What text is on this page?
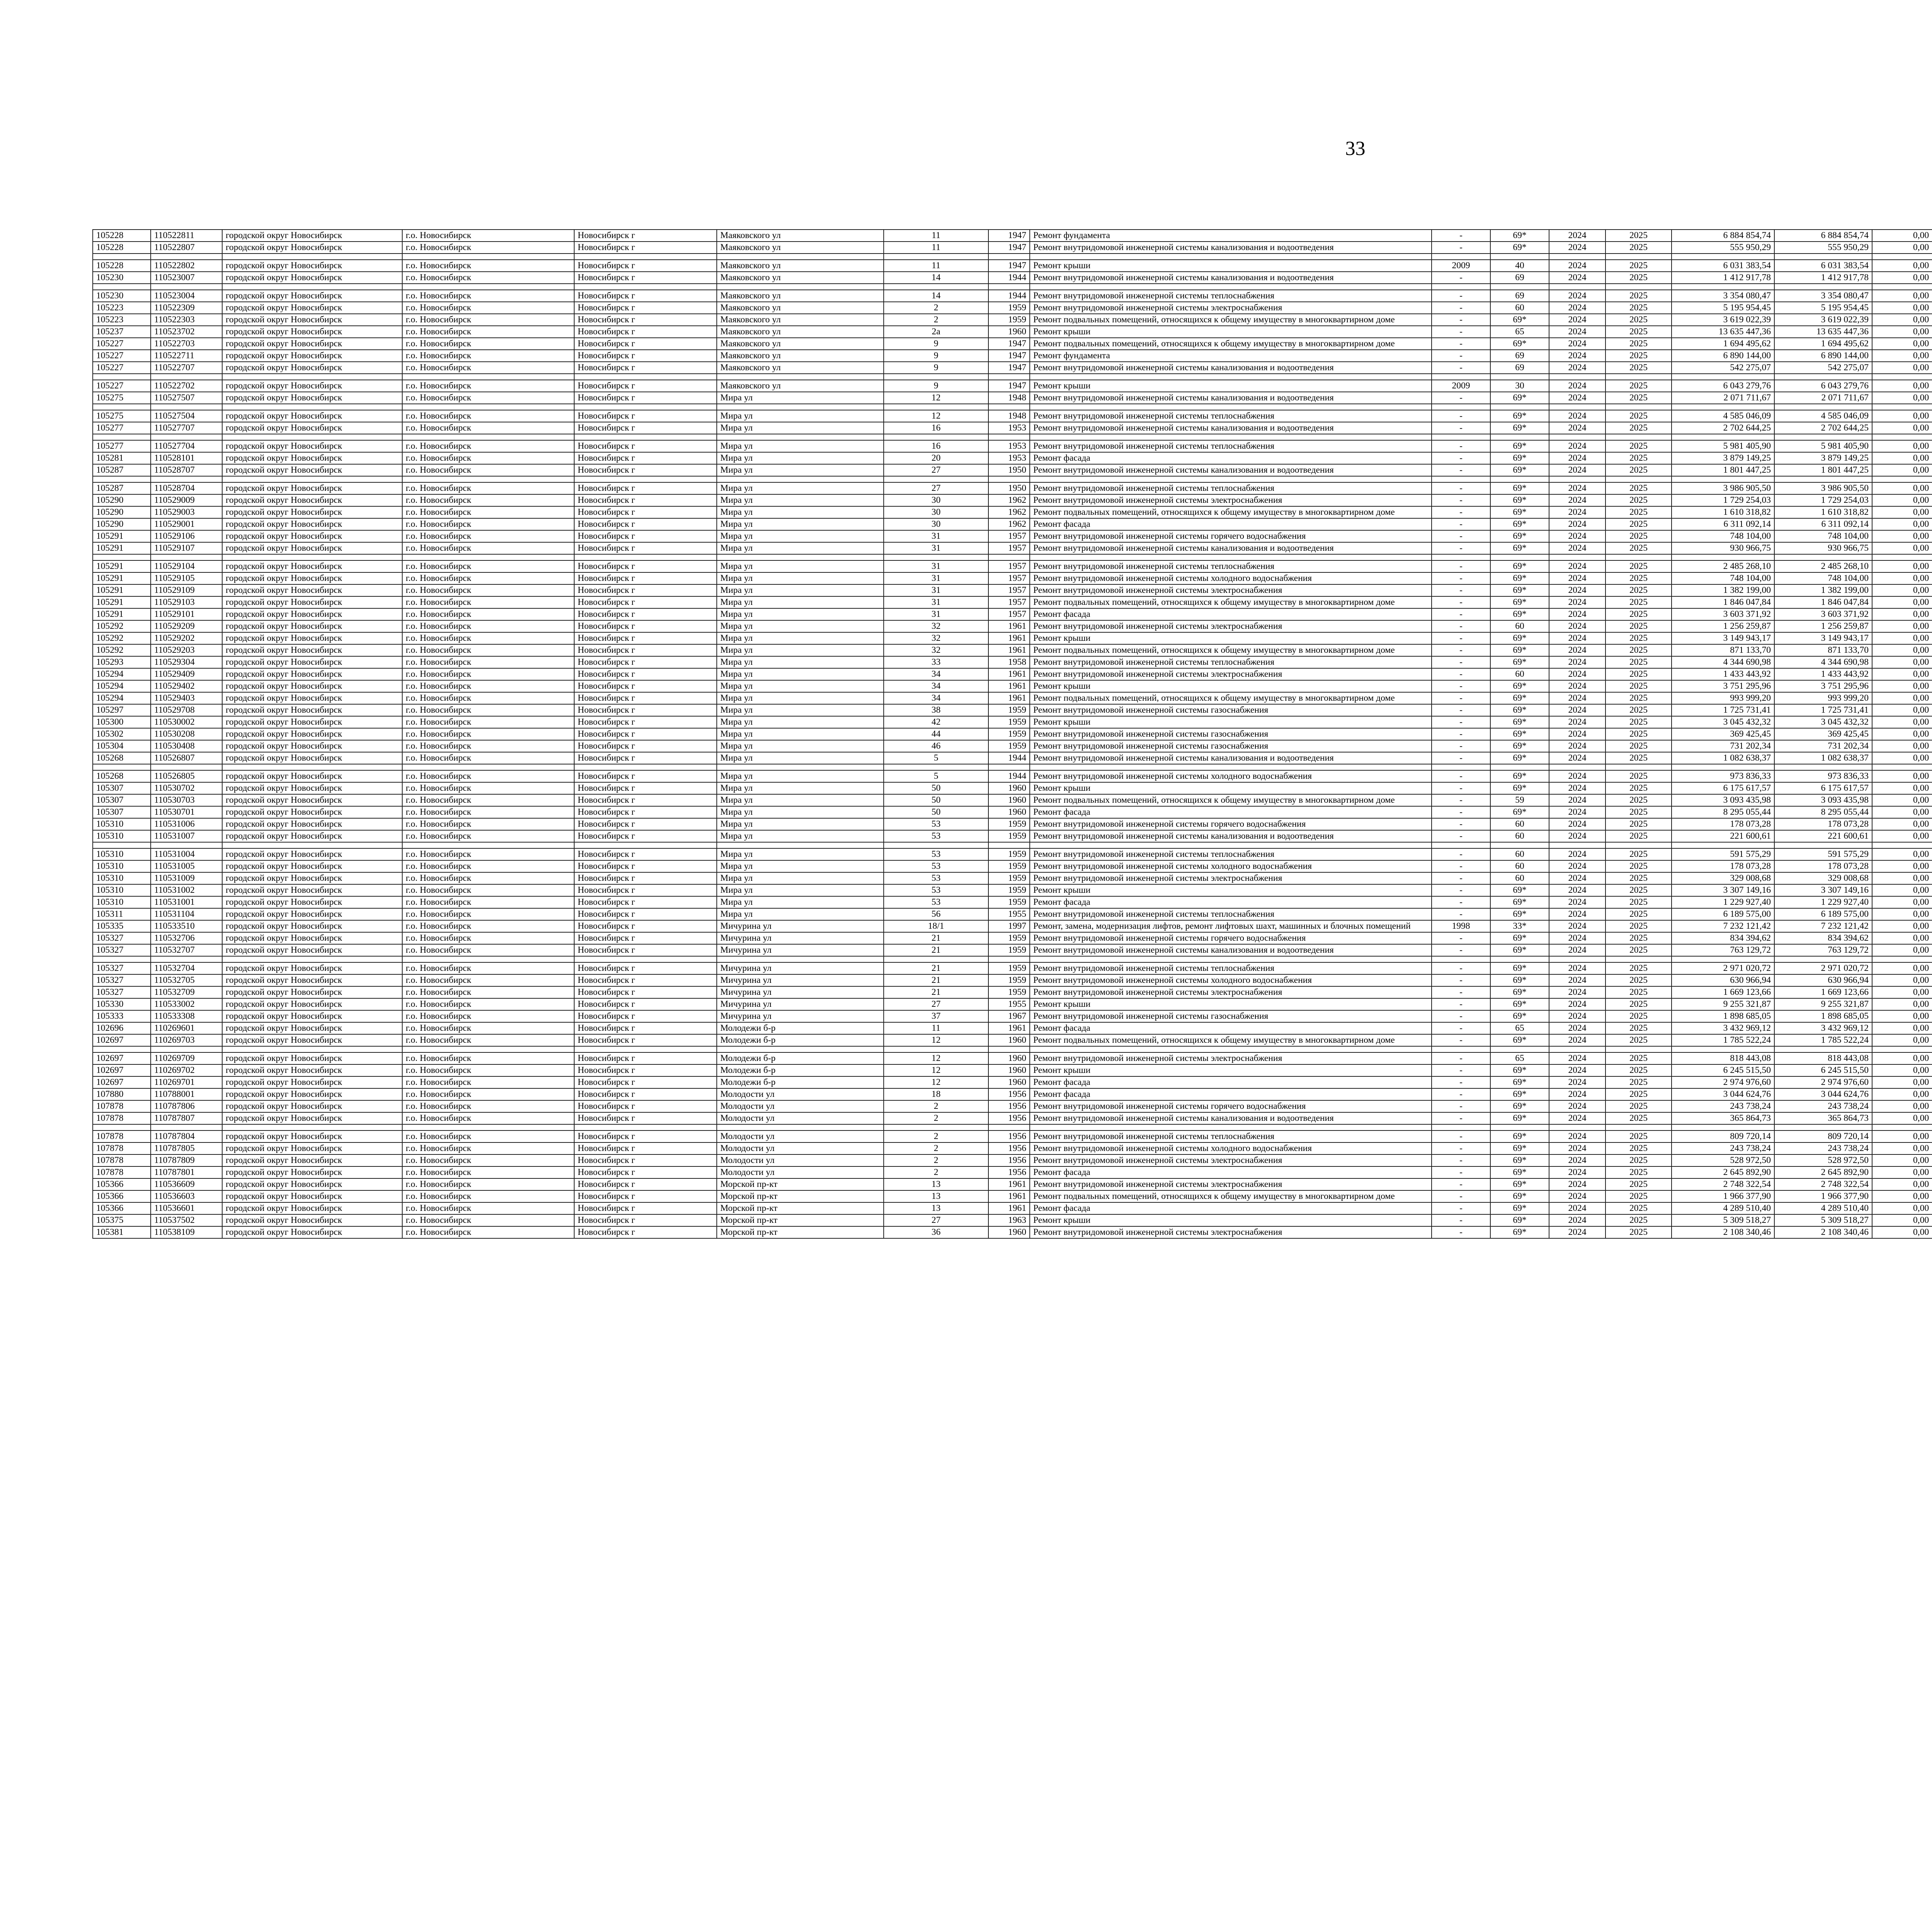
33
105228	110522811	городской округ Новосибирск	г.о. Новосибирск	Новосибирск г	Маяковского ул	11	1947	Ремонт фундамента	-	69*	2024	2025	6 884 854,74	6 884 854,74	0,00						
105228	110522807	городской округ Новосибирск	г.о. Новосибирск	Новосибирск г	Маяковского ул	11	1947	Ремонт внутридомовой инженерной системы канализования и водоотведения	-	69*	2024	2025	555 950,29	555 950,29	0,00						

105228	110522802	городской округ Новосибирск	г.о. Новосибирск	Новосибирск г	Маяковского ул	11	1947	Ремонт крыши	2009	40	2024	2025	6 031 383,54	6 031 383,54	0,00						
105230	110523007	городской округ Новосибирск	г.о. Новосибирск	Новосибирск г	Маяковского ул	14	1944	Ремонт внутридомовой инженерной системы канализования и водоотведения	-	69	2024	2025	1 412 917,78	1 412 917,78	0,00						

105230	110523004	городской округ Новосибирск	г.о. Новосибирск	Новосибирск г	Маяковского ул	14	1944	Ремонт внутридомовой инженерной системы теплоснабжения	-	69	2024	2025	3 354 080,47	3 354 080,47	0,00						
105223	110522309	городской округ Новосибирск	г.о. Новосибирск	Новосибирск г	Маяковского ул	2	1959	Ремонт внутридомовой инженерной системы электроснабжения	-	60	2024	2025	5 195 954,45	5 195 954,45	0,00						
105223	110522303	городской округ Новосибирск	г.о. Новосибирск	Новосибирск г	Маяковского ул	2	1959	Ремонт подвальных помещений, относящихся к общему имуществу в многоквартирном доме	-	69*	2024	2025	3 619 022,39	3 619 022,39	0,00						
105237	110523702	городской округ Новосибирск	г.о. Новосибирск	Новосибирск г	Маяковского ул	2а	1960	Ремонт крыши	-	65	2024	2025	13 635 447,36	13 635 447,36	0,00						
105227	110522703	городской округ Новосибирск	г.о. Новосибирск	Новосибирск г	Маяковского ул	9	1947	Ремонт подвальных помещений, относящихся к общему имуществу в многоквартирном доме	-	69*	2024	2025	1 694 495,62	1 694 495,62	0,00						
105227	110522711	городской округ Новосибирск	г.о. Новосибирск	Новосибирск г	Маяковского ул	9	1947	Ремонт фундамента	-	69	2024	2025	6 890 144,00	6 890 144,00	0,00						
105227	110522707	городской округ Новосибирск	г.о. Новосибирск	Новосибирск г	Маяковского ул	9	1947	Ремонт внутридомовой инженерной системы канализования и водоотведения	-	69	2024	2025	542 275,07	542 275,07	0,00						

105227	110522702	городской округ Новосибирск	г.о. Новосибирск	Новосибирск г	Маяковского ул	9	1947	Ремонт крыши	2009	30	2024	2025	6 043 279,76	6 043 279,76	0,00						
105275	110527507	городской округ Новосибирск	г.о. Новосибирск	Новосибирск г	Мира ул	12	1948	Ремонт внутридомовой инженерной системы канализования и водоотведения	-	69*	2024	2025	2 071 711,67	2 071 711,67	0,00						

105275	110527504	городской округ Новосибирск	г.о. Новосибирск	Новосибирск г	Мира ул	12	1948	Ремонт внутридомовой инженерной системы теплоснабжения	-	69*	2024	2025	4 585 046,09	4 585 046,09	0,00						
105277	110527707	городской округ Новосибирск	г.о. Новосибирск	Новосибирск г	Мира ул	16	1953	Ремонт внутридомовой инженерной системы канализования и водоотведения	-	69*	2024	2025	2 702 644,25	2 702 644,25	0,00						

105277	110527704	городской округ Новосибирск	г.о. Новосибирск	Новосибирск г	Мира ул	16	1953	Ремонт внутридомовой инженерной системы теплоснабжения	-	69*	2024	2025	5 981 405,90	5 981 405,90	0,00						
105281	110528101	городской округ Новосибирск	г.о. Новосибирск	Новосибирск г	Мира ул	20	1953	Ремонт фасада	-	69*	2024	2025	3 879 149,25	3 879 149,25	0,00						
105287	110528707	городской округ Новосибирск	г.о. Новосибирск	Новосибирск г	Мира ул	27	1950	Ремонт внутридомовой инженерной системы канализования и водоотведения	-	69*	2024	2025	1 801 447,25	1 801 447,25	0,00						

105287	110528704	городской округ Новосибирск	г.о. Новосибирск	Новосибирск г	Мира ул	27	1950	Ремонт внутридомовой инженерной системы теплоснабжения	-	69*	2024	2025	3 986 905,50	3 986 905,50	0,00						
105290	110529009	городской округ Новосибирск	г.о. Новосибирск	Новосибирск г	Мира ул	30	1962	Ремонт внутридомовой инженерной системы электроснабжения	-	69*	2024	2025	1 729 254,03	1 729 254,03	0,00						
105290	110529003	городской округ Новосибирск	г.о. Новосибирск	Новосибирск г	Мира ул	30	1962	Ремонт подвальных помещений, относящихся к общему имуществу в многоквартирном доме	-	69*	2024	2025	1 610 318,82	1 610 318,82	0,00						
105290	110529001	городской округ Новосибирск	г.о. Новосибирск	Новосибирск г	Мира ул	30	1962	Ремонт фасада	-	69*	2024	2025	6 311 092,14	6 311 092,14	0,00						
105291	110529106	городской округ Новосибирск	г.о. Новосибирск	Новосибирск г	Мира ул	31	1957	Ремонт внутридомовой инженерной системы горячего водоснабжения	-	69*	2024	2025	748 104,00	748 104,00	0,00						
105291	110529107	городской округ Новосибирск	г.о. Новосибирск	Новосибирск г	Мира ул	31	1957	Ремонт внутридомовой инженерной системы канализования и водоотведения	-	69*	2024	2025	930 966,75	930 966,75	0,00						

105291	110529104	городской округ Новосибирск	г.о. Новосибирск	Новосибирск г	Мира ул	31	1957	Ремонт внутридомовой инженерной системы теплоснабжения	-	69*	2024	2025	2 485 268,10	2 485 268,10	0,00						
105291	110529105	городской округ Новосибирск	г.о. Новосибирск	Новосибирск г	Мира ул	31	1957	Ремонт внутридомовой инженерной системы холодного водоснабжения	-	69*	2024	2025	748 104,00	748 104,00	0,00						
105291	110529109	городской округ Новосибирск	г.о. Новосибирск	Новосибирск г	Мира ул	31	1957	Ремонт внутридомовой инженерной системы электроснабжения	-	69*	2024	2025	1 382 199,00	1 382 199,00	0,00						
105291	110529103	городской округ Новосибирск	г.о. Новосибирск	Новосибирск г	Мира ул	31	1957	Ремонт подвальных помещений, относящихся к общему имуществу в многоквартирном доме	-	69*	2024	2025	1 846 047,84	1 846 047,84	0,00						
105291	110529101	городской округ Новосибирск	г.о. Новосибирск	Новосибирск г	Мира ул	31	1957	Ремонт фасада	-	69*	2024	2025	3 603 371,92	3 603 371,92	0,00						
105292	110529209	городской округ Новосибирск	г.о. Новосибирск	Новосибирск г	Мира ул	32	1961	Ремонт внутридомовой инженерной системы электроснабжения	-	60	2024	2025	1 256 259,87	1 256 259,87	0,00						
105292	110529202	городской округ Новосибирск	г.о. Новосибирск	Новосибирск г	Мира ул	32	1961	Ремонт крыши	-	69*	2024	2025	3 149 943,17	3 149 943,17	0,00						
105292	110529203	городской округ Новосибирск	г.о. Новосибирск	Новосибирск г	Мира ул	32	1961	Ремонт подвальных помещений, относящихся к общему имуществу в многоквартирном доме	-	69*	2024	2025	871 133,70	871 133,70	0,00						
105293	110529304	городской округ Новосибирск	г.о. Новосибирск	Новосибирск г	Мира ул	33	1958	Ремонт внутридомовой инженерной системы теплоснабжения	-	69*	2024	2025	4 344 690,98	4 344 690,98	0,00						
105294	110529409	городской округ Новосибирск	г.о. Новосибирск	Новосибирск г	Мира ул	34	1961	Ремонт внутридомовой инженерной системы электроснабжения	-	60	2024	2025	1 433 443,92	1 433 443,92	0,00						
105294	110529402	городской округ Новосибирск	г.о. Новосибирск	Новосибирск г	Мира ул	34	1961	Ремонт крыши	-	69*	2024	2025	3 751 295,96	3 751 295,96	0,00						
105294	110529403	городской округ Новосибирск	г.о. Новосибирск	Новосибирск г	Мира ул	34	1961	Ремонт подвальных помещений, относящихся к общему имуществу в многоквартирном доме	-	69*	2024	2025	993 999,20	993 999,20	0,00						
105297	110529708	городской округ Новосибирск	г.о. Новосибирск	Новосибирск г	Мира ул	38	1959	Ремонт внутридомовой инженерной системы газоснабжения	-	69*	2024	2025	1 725 731,41	1 725 731,41	0,00						
105300	110530002	городской округ Новосибирск	г.о. Новосибирск	Новосибирск г	Мира ул	42	1959	Ремонт крыши	-	69*	2024	2025	3 045 432,32	3 045 432,32	0,00						
105302	110530208	городской округ Новосибирск	г.о. Новосибирск	Новосибирск г	Мира ул	44	1959	Ремонт внутридомовой инженерной системы газоснабжения	-	69*	2024	2025	369 425,45	369 425,45	0,00						
105304	110530408	городской округ Новосибирск	г.о. Новосибирск	Новосибирск г	Мира ул	46	1959	Ремонт внутридомовой инженерной системы газоснабжения	-	69*	2024	2025	731 202,34	731 202,34	0,00						
105268	110526807	городской округ Новосибирск	г.о. Новосибирск	Новосибирск г	Мира ул	5	1944	Ремонт внутридомовой инженерной системы канализования и водоотведения	-	69*	2024	2025	1 082 638,37	1 082 638,37	0,00						

105268	110526805	городской округ Новосибирск	г.о. Новосибирск	Новосибирск г	Мира ул	5	1944	Ремонт внутридомовой инженерной системы холодного водоснабжения	-	69*	2024	2025	973 836,33	973 836,33	0,00						
105307	110530702	городской округ Новосибирск	г.о. Новосибирск	Новосибирск г	Мира ул	50	1960	Ремонт крыши	-	69*	2024	2025	6 175 617,57	6 175 617,57	0,00						
105307	110530703	городской округ Новосибирск	г.о. Новосибирск	Новосибирск г	Мира ул	50	1960	Ремонт подвальных помещений, относящихся к общему имуществу в многоквартирном доме	-	59	2024	2025	3 093 435,98	3 093 435,98	0,00						
105307	110530701	городской округ Новосибирск	г.о. Новосибирск	Новосибирск г	Мира ул	50	1960	Ремонт фасада	-	69*	2024	2025	8 295 055,44	8 295 055,44	0,00						
105310	110531006	городской округ Новосибирск	г.о. Новосибирск	Новосибирск г	Мира ул	53	1959	Ремонт внутридомовой инженерной системы горячего водоснабжения	-	60	2024	2025	178 073,28	178 073,28	0,00						
105310	110531007	городской округ Новосибирск	г.о. Новосибирск	Новосибирск г	Мира ул	53	1959	Ремонт внутридомовой инженерной системы канализования и водоотведения	-	60	2024	2025	221 600,61	221 600,61	0,00						

105310	110531004	городской округ Новосибирск	г.о. Новосибирск	Новосибирск г	Мира ул	53	1959	Ремонт внутридомовой инженерной системы теплоснабжения	-	60	2024	2025	591 575,29	591 575,29	0,00						
105310	110531005	городской округ Новосибирск	г.о. Новосибирск	Новосибирск г	Мира ул	53	1959	Ремонт внутридомовой инженерной системы холодного водоснабжения	-	60	2024	2025	178 073,28	178 073,28	0,00						
105310	110531009	городской округ Новосибирск	г.о. Новосибирск	Новосибирск г	Мира ул	53	1959	Ремонт внутридомовой инженерной системы электроснабжения	-	60	2024	2025	329 008,68	329 008,68	0,00						
105310	110531002	городской округ Новосибирск	г.о. Новосибирск	Новосибирск г	Мира ул	53	1959	Ремонт крыши	-	69*	2024	2025	3 307 149,16	3 307 149,16	0,00						
105310	110531001	городской округ Новосибирск	г.о. Новосибирск	Новосибирск г	Мира ул	53	1959	Ремонт фасада	-	69*	2024	2025	1 229 927,40	1 229 927,40	0,00						
105311	110531104	городской округ Новосибирск	г.о. Новосибирск	Новосибирск г	Мира ул	56	1955	Ремонт внутридомовой инженерной системы теплоснабжения	-	69*	2024	2025	6 189 575,00	6 189 575,00	0,00						
105335	110533510	городской округ Новосибирск	г.о. Новосибирск	Новосибирск г	Мичурина ул	18/1	1997	Ремонт, замена, модернизация лифтов, ремонт лифтовых шахт, машинных и блочных помещений	1998	33*	2024	2025	7 232 121,42	7 232 121,42	0,00						
105327	110532706	городской округ Новосибирск	г.о. Новосибирск	Новосибирск г	Мичурина ул	21	1959	Ремонт внутридомовой инженерной системы горячего водоснабжения	-	69*	2024	2025	834 394,62	834 394,62	0,00						
105327	110532707	городской округ Новосибирск	г.о. Новосибирск	Новосибирск г	Мичурина ул	21	1959	Ремонт внутридомовой инженерной системы канализования и водоотведения	-	69*	2024	2025	763 129,72	763 129,72	0,00						

105327	110532704	городской округ Новосибирск	г.о. Новосибирск	Новосибирск г	Мичурина ул	21	1959	Ремонт внутридомовой инженерной системы теплоснабжения	-	69*	2024	2025	2 971 020,72	2 971 020,72	0,00						
105327	110532705	городской округ Новосибирск	г.о. Новосибирск	Новосибирск г	Мичурина ул	21	1959	Ремонт внутридомовой инженерной системы холодного водоснабжения	-	69*	2024	2025	630 966,94	630 966,94	0,00						
105327	110532709	городской округ Новосибирск	г.о. Новосибирск	Новосибирск г	Мичурина ул	21	1959	Ремонт внутридомовой инженерной системы электроснабжения	-	69*	2024	2025	1 669 123,66	1 669 123,66	0,00						
105330	110533002	городской округ Новосибирск	г.о. Новосибирск	Новосибирск г	Мичурина ул	27	1955	Ремонт крыши	-	69*	2024	2025	9 255 321,87	9 255 321,87	0,00						
105333	110533308	городской округ Новосибирск	г.о. Новосибирск	Новосибирск г	Мичурина ул	37	1967	Ремонт внутридомовой инженерной системы газоснабжения	-	69*	2024	2025	1 898 685,05	1 898 685,05	0,00						
102696	110269601	городской округ Новосибирск	г.о. Новосибирск	Новосибирск г	Молодежи б-р	11	1961	Ремонт фасада	-	65	2024	2025	3 432 969,12	3 432 969,12	0,00						
102697	110269703	городской округ Новосибирск	г.о. Новосибирск	Новосибирск г	Молодежи б-р	12	1960	Ремонт подвальных помещений, относящихся к общему имуществу в многоквартирном доме	-	69*	2024	2025	1 785 522,24	1 785 522,24	0,00						

102697	110269709	городской округ Новосибирск	г.о. Новосибирск	Новосибирск г	Молодежи б-р	12	1960	Ремонт внутридомовой инженерной системы электроснабжения	-	65	2024	2025	818 443,08	818 443,08	0,00						
102697	110269702	городской округ Новосибирск	г.о. Новосибирск	Новосибирск г	Молодежи б-р	12	1960	Ремонт крыши	-	69*	2024	2025	6 245 515,50	6 245 515,50	0,00						
102697	110269701	городской округ Новосибирск	г.о. Новосибирск	Новосибирск г	Молодежи б-р	12	1960	Ремонт фасада	-	69*	2024	2025	2 974 976,60	2 974 976,60	0,00						
107880	110788001	городской округ Новосибирск	г.о. Новосибирск	Новосибирск г	Молодости ул	18	1956	Ремонт фасада	-	69*	2024	2025	3 044 624,76	3 044 624,76	0,00						
107878	110787806	городской округ Новосибирск	г.о. Новосибирск	Новосибирск г	Молодости ул	2	1956	Ремонт внутридомовой инженерной системы горячего водоснабжения	-	69*	2024	2025	243 738,24	243 738,24	0,00						
107878	110787807	городской округ Новосибирск	г.о. Новосибирск	Новосибирск г	Молодости ул	2	1956	Ремонт внутридомовой инженерной системы канализования и водоотведения	-	69*	2024	2025	365 864,73	365 864,73	0,00						

107878	110787804	городской округ Новосибирск	г.о. Новосибирск	Новосибирск г	Молодости ул	2	1956	Ремонт внутридомовой инженерной системы теплоснабжения	-	69*	2024	2025	809 720,14	809 720,14	0,00						
107878	110787805	городской округ Новосибирск	г.о. Новосибирск	Новосибирск г	Молодости ул	2	1956	Ремонт внутридомовой инженерной системы холодного водоснабжения	-	69*	2024	2025	243 738,24	243 738,24	0,00						
107878	110787809	городской округ Новосибирск	г.о. Новосибирск	Новосибирск г	Молодости ул	2	1956	Ремонт внутридомовой инженерной системы электроснабжения	-	69*	2024	2025	528 972,50	528 972,50	0,00						
107878	110787801	городской округ Новосибирск	г.о. Новосибирск	Новосибирск г	Молодости ул	2	1956	Ремонт фасада	-	69*	2024	2025	2 645 892,90	2 645 892,90	0,00						
105366	110536609	городской округ Новосибирск	г.о. Новосибирск	Новосибирск г	Морской пр-кт	13	1961	Ремонт внутридомовой инженерной системы электроснабжения	-	69*	2024	2025	2 748 322,54	2 748 322,54	0,00						
105366	110536603	городской округ Новосибирск	г.о. Новосибирск	Новосибирск г	Морской пр-кт	13	1961	Ремонт подвальных помещений, относящихся к общему имуществу в многоквартирном доме	-	69*	2024	2025	1 966 377,90	1 966 377,90	0,00						
105366	110536601	городской округ Новосибирск	г.о. Новосибирск	Новосибирск г	Морской пр-кт	13	1961	Ремонт фасада	-	69*	2024	2025	4 289 510,40	4 289 510,40	0,00						
105375	110537502	городской округ Новосибирск	г.о. Новосибирск	Новосибирск г	Морской пр-кт	27	1963	Ремонт крыши	-	69*	2024	2025	5 309 518,27	5 309 518,27	0,00						
105381	110538109	городской округ Новосибирск	г.о. Новосибирск	Новосибирск г	Морской пр-кт	36	1960	Ремонт внутридомовой инженерной системы электроснабжения	-	69*	2024	2025	2 108 340,46	2 108 340,46	0,00						
